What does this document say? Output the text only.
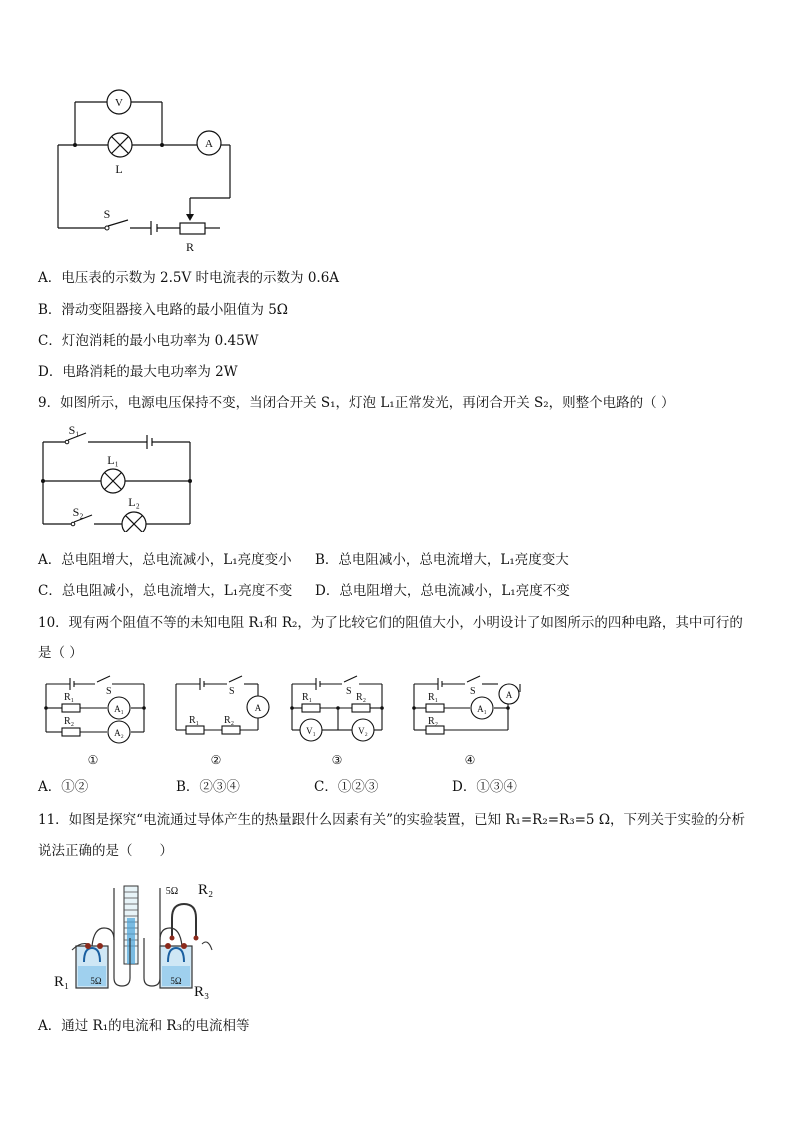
V
L
A
S
R
A．电压表的示数为 2.5V 时电流表的示数为 0.6A
B．滑动变阻器接入电路的最小阻值为 5Ω
C．灯泡消耗的最小电功率为 0.45W
D．电路消耗的最大电功率为 2W
9．如图所示，电源电压保持不变，当闭合开关 S₁，灯泡 L₁正常发光，再闭合开关 S₂，则整个电路的（ ）
S₁
L₁
S₂
L₂
A．总电阻增大，总电流减小，L₁亮度变小 B．总电阻减小，总电流增大，L₁亮度变大
C．总电阻减小，总电流增大，L₁亮度不变 D．总电阻增大，总电流减小，L₁亮度不变
10．现有两个阻值不等的未知电阻 R₁和 R₂，为了比较它们的阻值大小，小明设计了如图所示的四种电路，其中可行的
是（ ）
R₁
R₂
S
A₁
A₂
①
S
A
R₁ R₂
②
R₁
S
R₂
V₁	V₂
③
R₁
S	A
A₁
R₂
④
A．①②	B．②③④	C．①②③	D．①③④
11．如图是探究“电流通过导体产生的热量跟什么因素有关”的实验装置，已知 R₁=R₂=R₃=5 Ω，下列关于实验的分析
说法正确的是（　　）
5Ω	5Ω
5Ω R₂
R₁
R₃
A．通过 R₁的电流和 R₃的电流相等
